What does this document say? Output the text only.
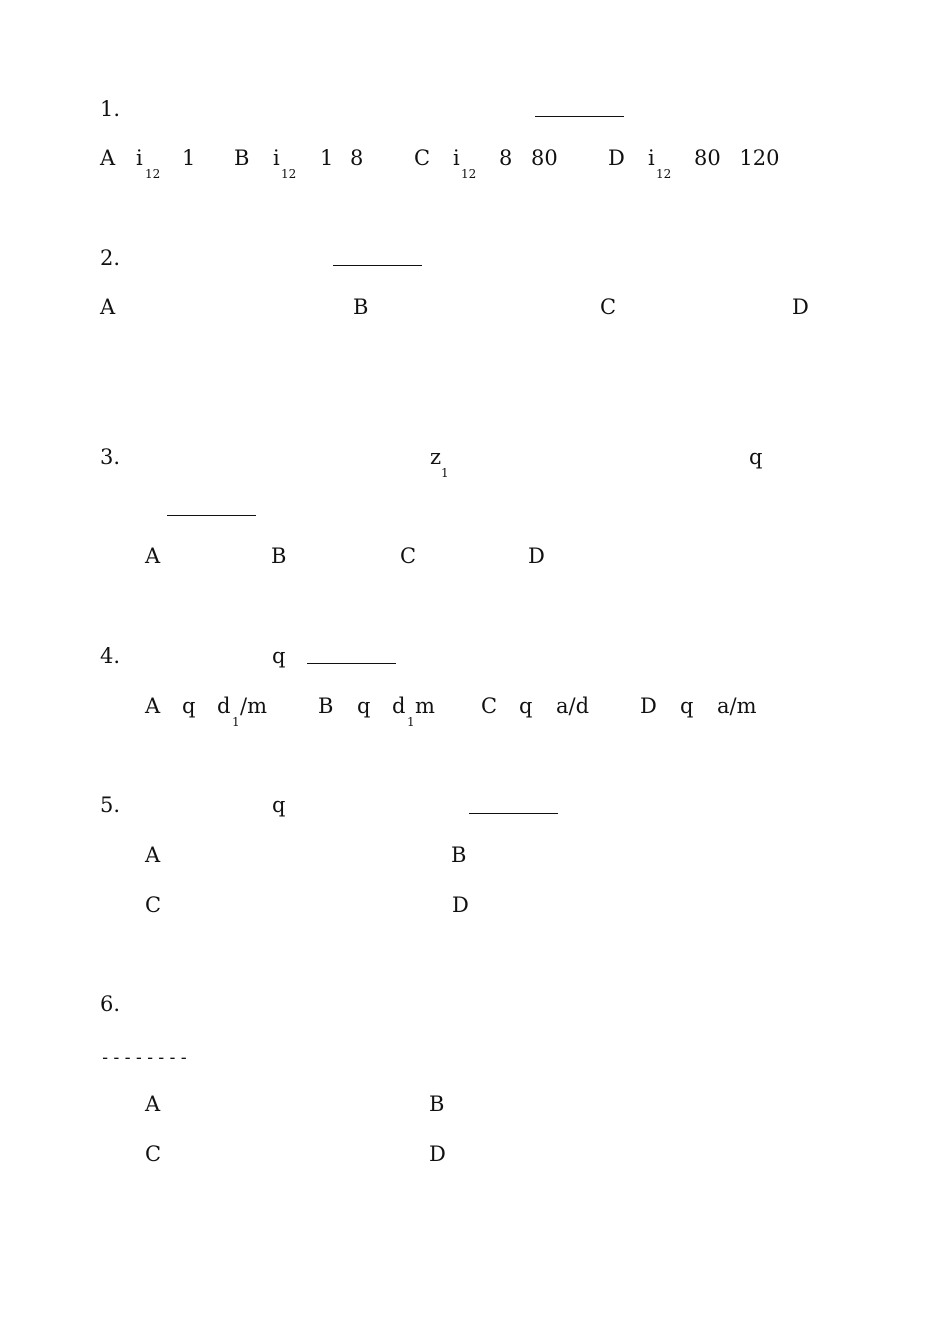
1.
A i
12
1 B i
12
1 8 C i
12
8 80 D i
12
80 120
2.
A	B	C	D
3.	z
1
q
A	B	C	D
4.	q
A q d
1
/m B q d
1
m C q a/d D q a/m
5.	q
A	B
C	D
6.
--------
A	B
C	D
